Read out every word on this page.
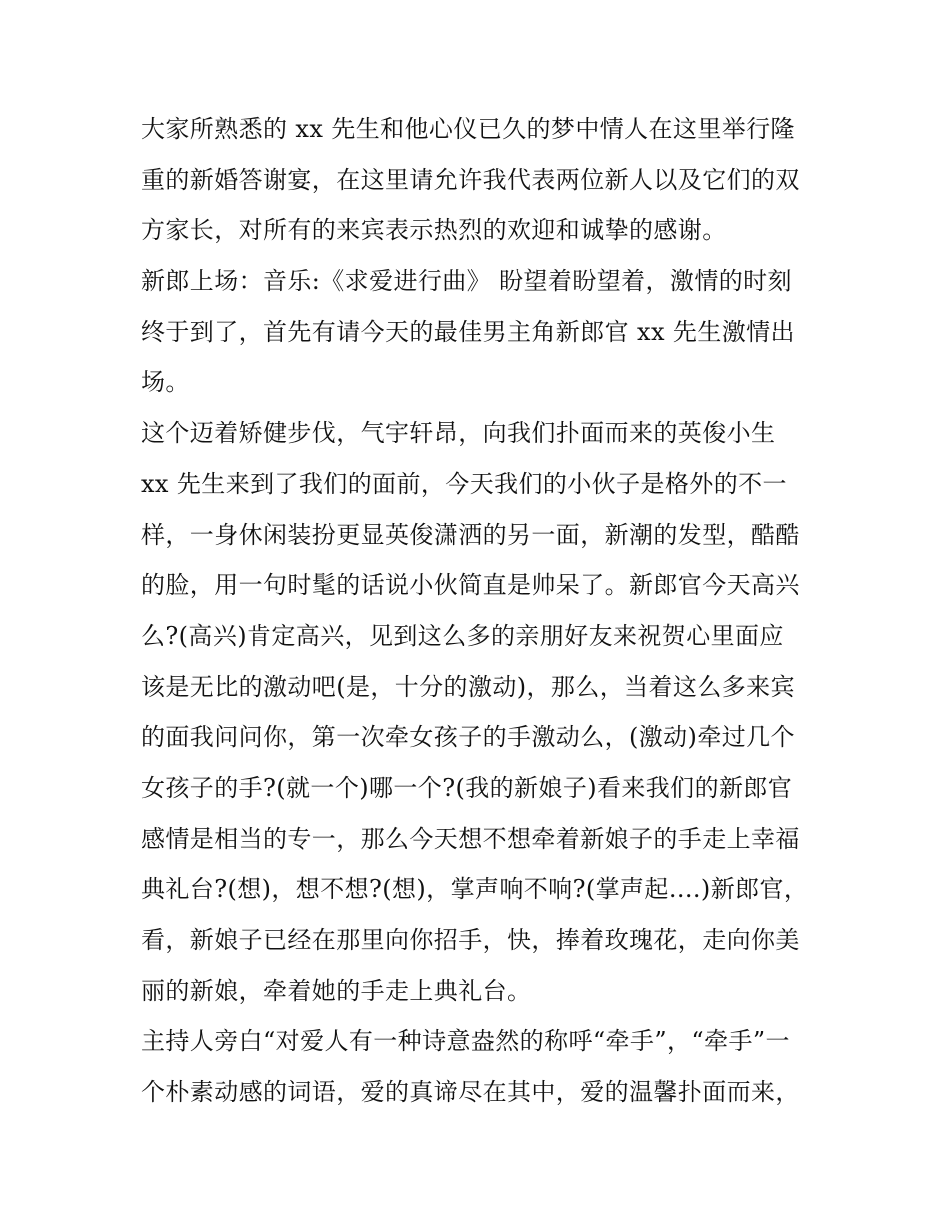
大家所熟悉的 xx 先生和他心仪已久的梦中情人在这里举行隆
重的新婚答谢宴，在这里请允许我代表两位新人以及它们的双
方家长，对所有的来宾表示热烈的欢迎和诚挚的感谢。
新郎上场：音乐:《求爱进行曲》 盼望着盼望着，激情的时刻
终于到了，首先有请今天的最佳男主角新郎官 xx 先生激情出
场。
这个迈着矫健步伐，气宇轩昂，向我们扑面而来的英俊小生
xx 先生来到了我们的面前，今天我们的小伙子是格外的不一
样，一身休闲装扮更显英俊潇洒的另一面，新潮的发型，酷酷
的脸，用一句时髦的话说小伙简直是帅呆了。新郎官今天高兴
么?(高兴)肯定高兴，见到这么多的亲朋好友来祝贺心里面应
该是无比的激动吧(是，十分的激动)，那么，当着这么多来宾
的面我问问你，第一次牵女孩子的手激动么，(激动)牵过几个
女孩子的手?(就一个)哪一个?(我的新娘子)看来我们的新郎官
感情是相当的专一，那么今天想不想牵着新娘子的手走上幸福
典礼台?(想)，想不想?(想)，掌声响不响?(掌声起....)新郎官，
看，新娘子已经在那里向你招手，快，捧着玫瑰花，走向你美
丽的新娘，牵着她的手走上典礼台。
主持人旁白“对爱人有一种诗意盎然的称呼“牵手”，“牵手”一
个朴素动感的词语，爱的真谛尽在其中，爱的温馨扑面而来，
